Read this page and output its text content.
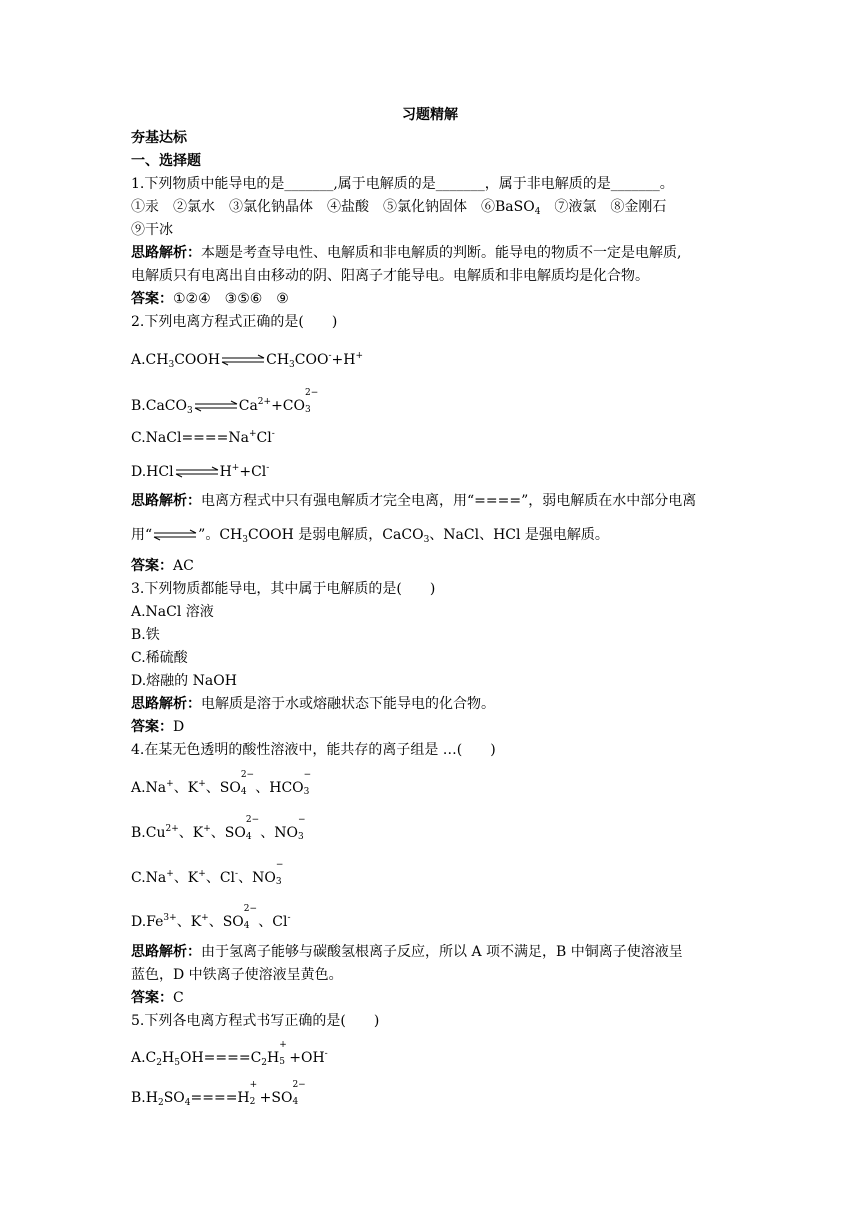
习题精解
夯基达标
一、选择题
1.下列物质中能导电的是_______,属于电解质的是_______，属于非电解质的是_______。
①汞　②氯水　③氯化钠晶体　④盐酸　⑤氯化钠固体　⑥BaSO$_4$　⑦液氯　⑧金刚石
⑨干冰
思路解析：本题是考查导电性、电解质和非电解质的判断。能导电的物质不一定是电解质,
电解质只有电离出自由移动的阴、阳离子才能导电。电解质和非电解质均是化合物。
答案：①②④　③⑤⑥　⑨
2.下列电离方程式正确的是(　　)
$A.CH_3COOH\rightleftharpoons CH_3COO^-+H^+$
$B.CaCO_3\rightleftharpoons Ca^{2+}+CO$
2−
3
C.NaCl====Na+Cl-
D.HCl⇌H++Cl-
思路解析：电离方程式中只有强电解质才完全电离，用“====”，弱电解质在水中部分电离
用“⇌”。$CH_3COOH$ 是弱电解质，CaCO$_3$、NaCl、HCl 是强电解质。
答案：AC
3.下列物质都能导电，其中属于电解质的是(　　)
A.NaCl 溶液
B.铁
C.稀硫酸
D.熔融的 NaOH
思路解析：电解质是溶于水或熔融状态下能导电的化合物。
答案：D
4.在某无色透明的酸性溶液中，能共存的离子组是 …(　　)
A.Na+、K+、SO
2−
4 、HCO
−
3
$B.Cu^{2+}$、K+、SO
2−
4 、NO
−
3
C.Na+、K+、Cl-、NO
−
3
$D.Fe^{3+}$、K+、SO
2−
4 、Cl-
思路解析：由于氢离子能够与碳酸氢根离子反应，所以 A 项不满足，B 中铜离子使溶液呈
蓝色，D 中铁离子使溶液呈黄色。
答案：C
5.下列各电离方程式书写正确的是(　　)
$A.C_2H_5OH====C_2H$
+
5 +OH-
$B.H_2SO_4====H$
+
2 +SO
2−
4
